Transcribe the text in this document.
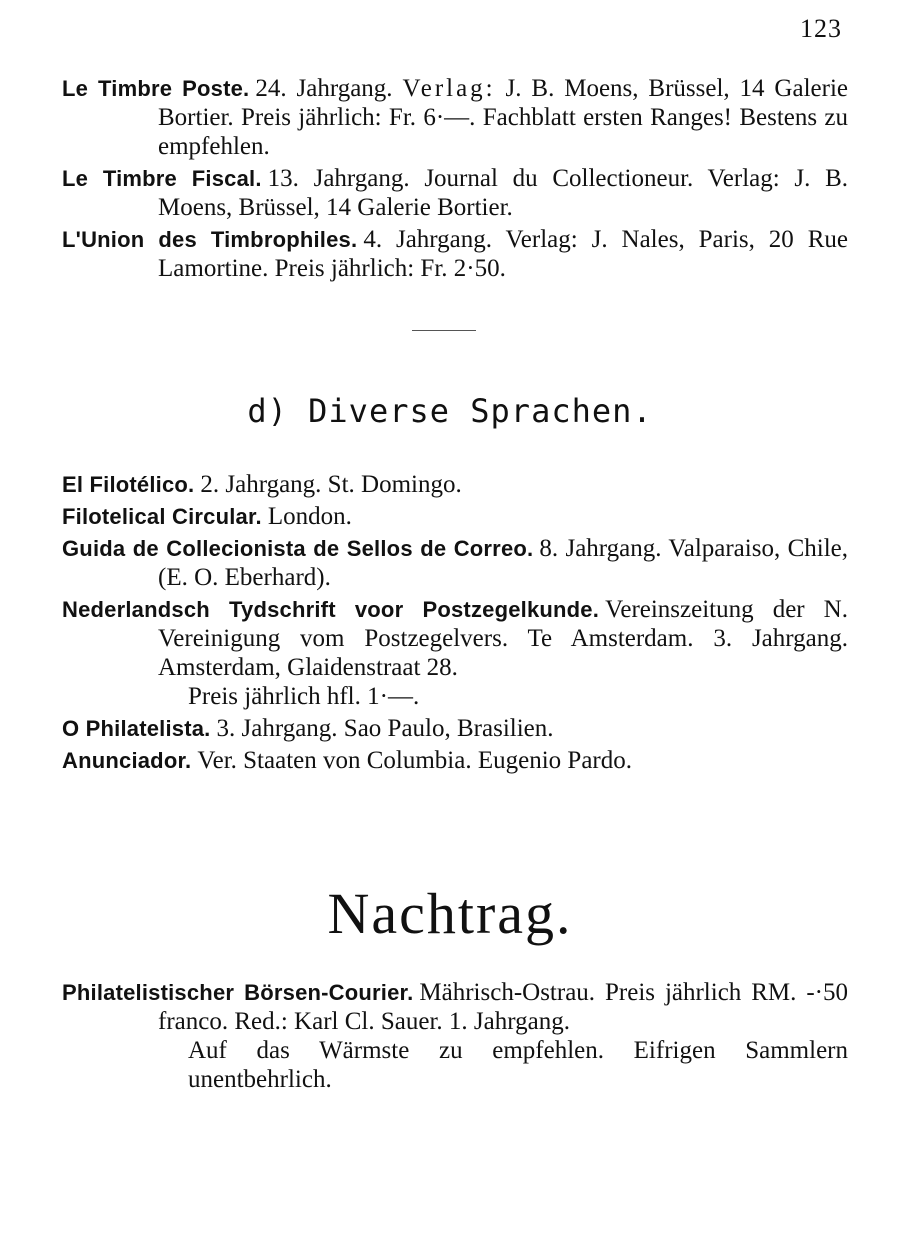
123

Le Timbre Poste. 24. Jahrgang. Verlag: J. B. Moens, Brüssel, 14 Galerie Bortier. Preis jährlich: Fr. 6·—. Fachblatt ersten Ranges! Bestens zu empfehlen.

Le Timbre Fiscal. 13. Jahrgang. Journal du Collectioneur. Verlag: J. B. Moens, Brüssel, 14 Galerie Bortier.

L'Union des Timbrophiles. 4. Jahrgang. Verlag: J. Nales, Paris, 20 Rue Lamortine. Preis jährlich: Fr. 2·50.

d) Diverse Sprachen.

El Filotélico. 2. Jahrgang. St. Domingo.

Filotelical Circular. London.

Guida de Collecionista de Sellos de Correo. 8. Jahrgang. Valparaiso, Chile, (E. O. Eberhard).

Nederlandsch Tydschrift voor Postzegelkunde. Vereinszeitung der N. Vereinigung vom Postzegelvers. Te Amsterdam. 3. Jahrgang. Amsterdam, Glaidenstraat 28.
Preis jährlich hfl. 1·—.

O Philatelista. 3. Jahrgang. Sao Paulo, Brasilien.

Anunciador. Ver. Staaten von Columbia. Eugenio Pardo.

Nachtrag.

Philatelistischer Börsen-Courier. Mährisch-Ostrau. Preis jährlich RM. -·50 franco. Red.: Karl Cl. Sauer. 1. Jahrgang.

Auf das Wärmste zu empfehlen. Eifrigen Sammlern unentbehrlich.
